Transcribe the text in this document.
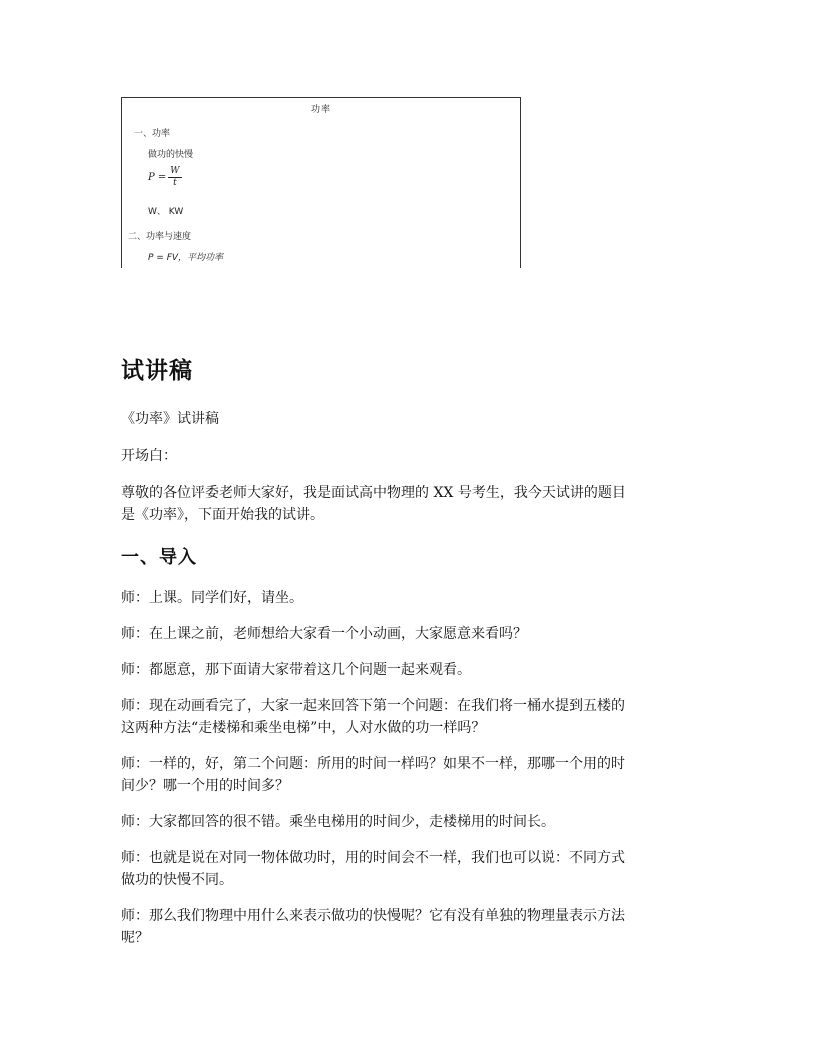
功率
一、功率
做功的快慢
$P = \frac{W}{t}$
W、 KW
二、功率与速度
P = FV，平均功率
试讲稿
《功率》试讲稿
开场白：
尊敬的各位评委老师大家好，我是面试高中物理的 XX 号考生，我今天试讲的题目
是《功率》，下面开始我的试讲。
一、导入
师：上课。同学们好，请坐。
师：在上课之前，老师想给大家看一个小动画，大家愿意来看吗？
师：都愿意，那下面请大家带着这几个问题一起来观看。
师：现在动画看完了，大家一起来回答下第一个问题：在我们将一桶水提到五楼的
这两种方法“走楼梯和乘坐电梯”中，人对水做的功一样吗？
师：一样的，好，第二个问题：所用的时间一样吗？如果不一样，那哪一个用的时
间少？哪一个用的时间多？
师：大家都回答的很不错。乘坐电梯用的时间少，走楼梯用的时间长。
师：也就是说在对同一物体做功时，用的时间会不一样，我们也可以说：不同方式
做功的快慢不同。
师：那么我们物理中用什么来表示做功的快慢呢？它有没有单独的物理量表示方法
呢？
